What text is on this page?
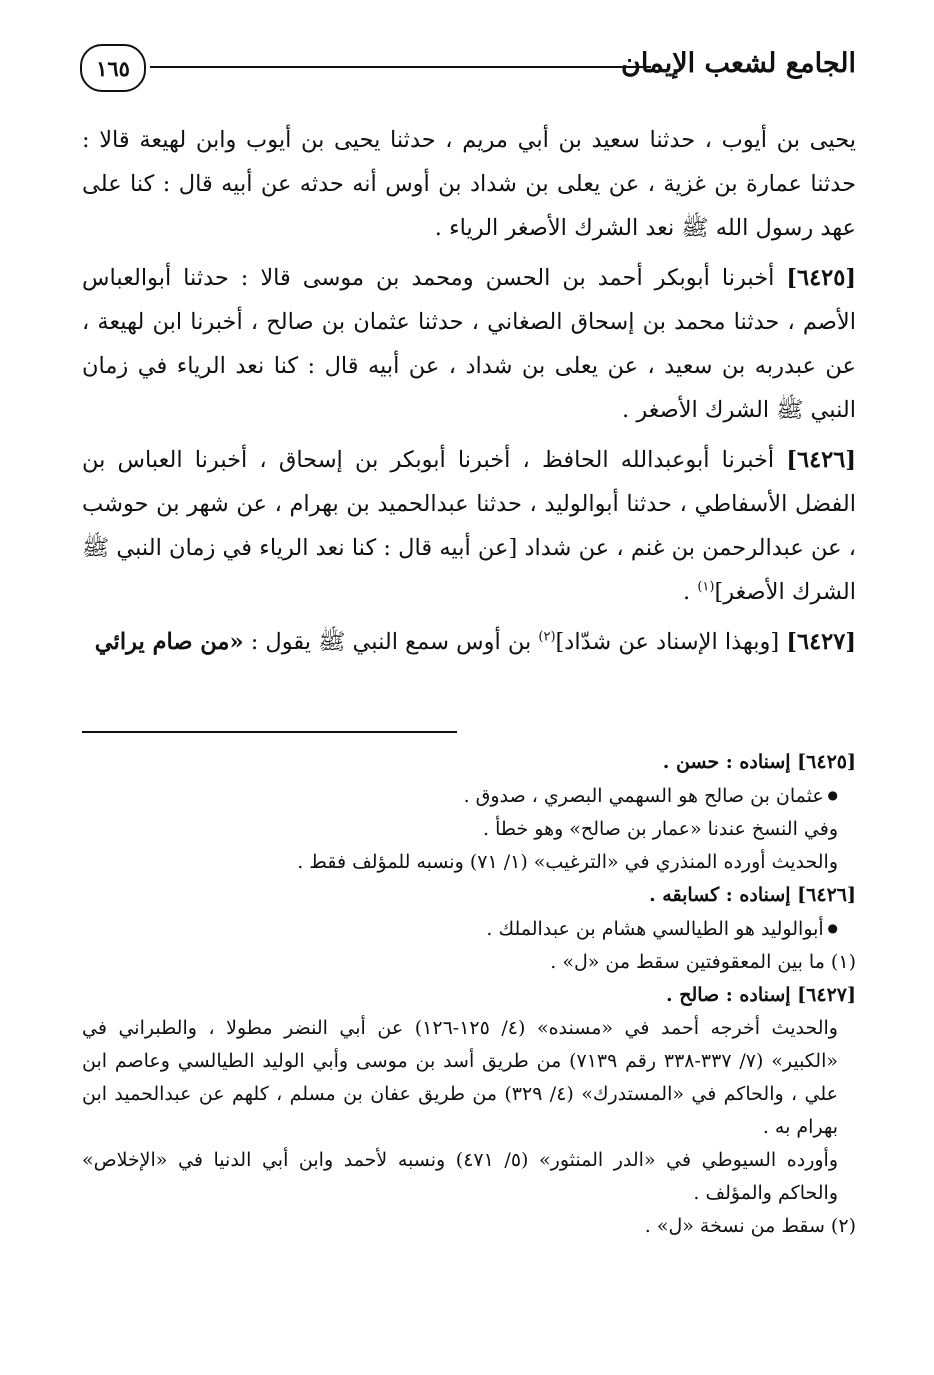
الجامع لشعب الإيمان
١٦٥

يحيى بن أيوب ، حدثنا سعيد بن أبي مريم ، حدثنا يحيى بن أيوب وابن لهيعة قالا : حدثنا عمارة بن غزية ، عن يعلى بن شداد بن أوس أنه حدثه عن أبيه قال : كنا على عهد رسول الله ﷺ نعد الشرك الأصغر الرياء .

[٦٤٢٥] أخبرنا أبوبكر أحمد بن الحسن ومحمد بن موسى قالا : حدثنا أبوالعباس الأصم ، حدثنا محمد بن إسحاق الصغاني ، حدثنا عثمان بن صالح ، أخبرنا ابن لهيعة ، عن عبدربه بن سعيد ، عن يعلى بن شداد ، عن أبيه قال : كنا نعد الرياء في زمان النبي ﷺ الشرك الأصغر .

[٦٤٢٦] أخبرنا أبوعبدالله الحافظ ، أخبرنا أبوبكر بن إسحاق ، أخبرنا العباس بن الفضل الأسفاطي ، حدثنا أبوالوليد ، حدثنا عبدالحميد بن بهرام ، عن شهر بن حوشب ، عن عبدالرحمن بن غنم ، عن شداد [عن أبيه قال : كنا نعد الرياء في زمان النبي ﷺ الشرك الأصغر]$^{(١)}$ .

[٦٤٢٧] [وبهذا الإسناد عن شدّاد]$^{(٢)}$ بن أوس سمع النبي ﷺ يقول : «من صام يرائي

[٦٤٢٥] إسناده : حسن .

● عثمان بن صالح هو السهمي البصري ، صدوق .

وفي النسخ عندنا «عمار بن صالح» وهو خطأ .

والحديث أورده المنذري في «الترغيب» (١/ ٧١) ونسبه للمؤلف فقط .

[٦٤٢٦] إسناده : كسابقه .

● أبوالوليد هو الطيالسي هشام بن عبدالملك .

(١) ما بين المعقوفتين سقط من «ل» .

[٦٤٢٧] إسناده : صالح .

والحديث أخرجه أحمد في «مسنده» (٤/ ١٢٥-١٢٦) عن أبي النضر مطولا ، والطبراني في «الكبير» (٧/ ٣٣٧-٣٣٨ رقم ٧١٣٩) من طريق أسد بن موسى وأبي الوليد الطيالسي وعاصم ابن علي ، والحاكم في «المستدرك» (٤/ ٣٢٩) من طريق عفان بن مسلم ، كلهم عن عبدالحميد ابن بهرام به .

وأورده السيوطي في «الدر المنثور» (٥/ ٤٧١) ونسبه لأحمد وابن أبي الدنيا في «الإخلاص» والحاكم والمؤلف .

(٢) سقط من نسخة «ل» .
